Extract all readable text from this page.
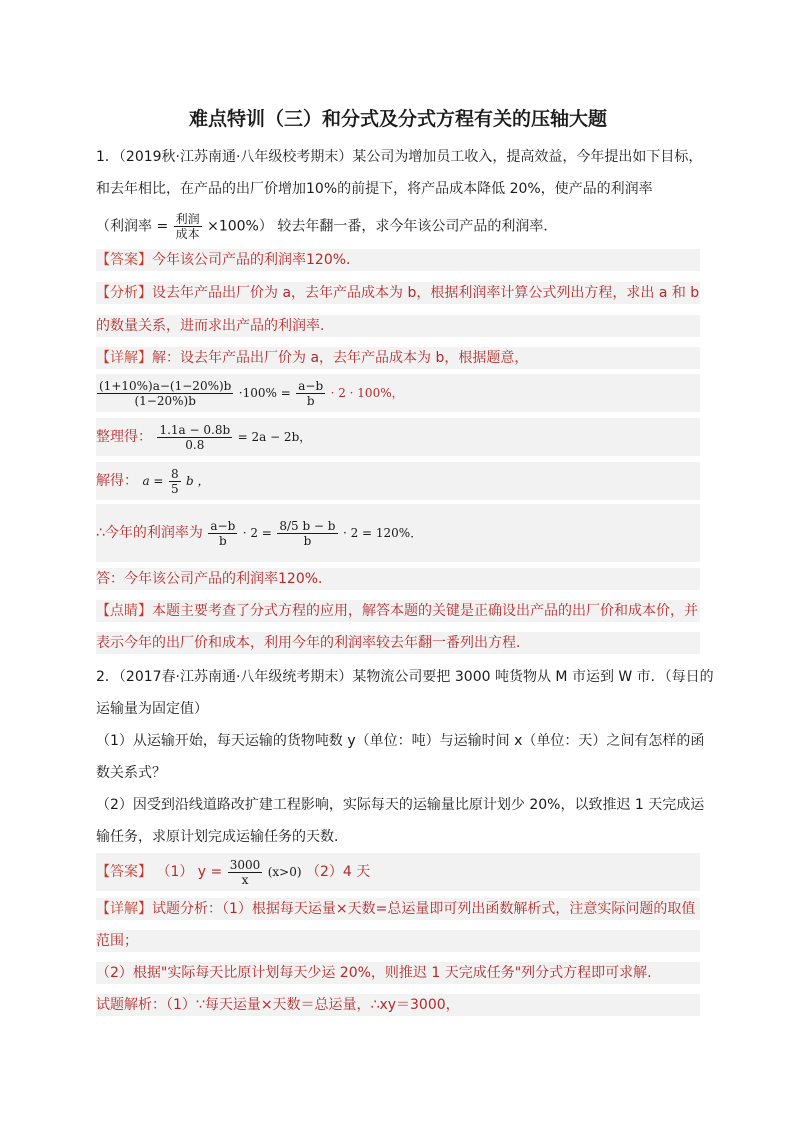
难点特训（三）和分式及分式方程有关的压轴大题
1．（2019秋·江苏南通·八年级校考期末）某公司为增加员工收入，提高效益，今年提出如下目标，
和去年相比，在产品的出厂价增加10%的前提下，将产品成本降低 20%，使产品的利润率
（利润率 = $\frac{\text{利润}}{\text{成本}} \times 100\%$） 较去年翻一番，求今年该公司产品的利润率．
【答案】今年该公司产品的利润率120%．
【分析】设去年产品出厂价为 a，去年产品成本为 b，根据利润率计算公式列出方程，求出 a 和 b
的数量关系，进而求出产品的利润率．
【详解】解：设去年产品出厂价为 a，去年产品成本为 b，根据题意，
$\frac{(1+10\%)a-(1-20\%)b}{(1-20\%)b} \cdot 100\% = \frac{a-b}{b} \cdot 2 \cdot 100\%$，
整理得： $\frac{1.1a - 0.8b}{0.8} = 2a - 2b$，
解得： $a = \frac{8}{5}$ b ，
∴今年的利润率为 $\frac{a-b}{b} \cdot 2 = \frac{8/5 b - b}{b} \cdot 2 = 120\%$．
答：今年该公司产品的利润率120%．
【点睛】本题主要考查了分式方程的应用，解答本题的关键是正确设出产品的出厂价和成本价，并
表示今年的出厂价和成本，利用今年的利润率较去年翻一番列出方程．
2．（2017春·江苏南通·八年级统考期末）某物流公司要把 3000 吨货物从 M 市运到 W 市．（每日的
运输量为固定值）
（1）从运输开始，每天运输的货物吨数 y（单位：吨）与运输时间 x（单位：天）之间有怎样的函
数关系式？
（2）因受到沿线道路改扩建工程影响，实际每天的运输量比原计划少 20%，以致推迟 1 天完成运
输任务，求原计划完成运输任务的天数．
【答案】 （1） $y = \frac{3000}{x} (x>0)$ （2）4 天
【详解】试题分析：（1）根据每天运量×天数=总运量即可列出函数解析式，注意实际问题的取值
范围；
（2）根据"实际每天比原计划每天少运 20%，则推迟 1 天完成任务"列分式方程即可求解.
试题解析：（1）∵每天运量×天数＝总运量，∴xy＝3000，
